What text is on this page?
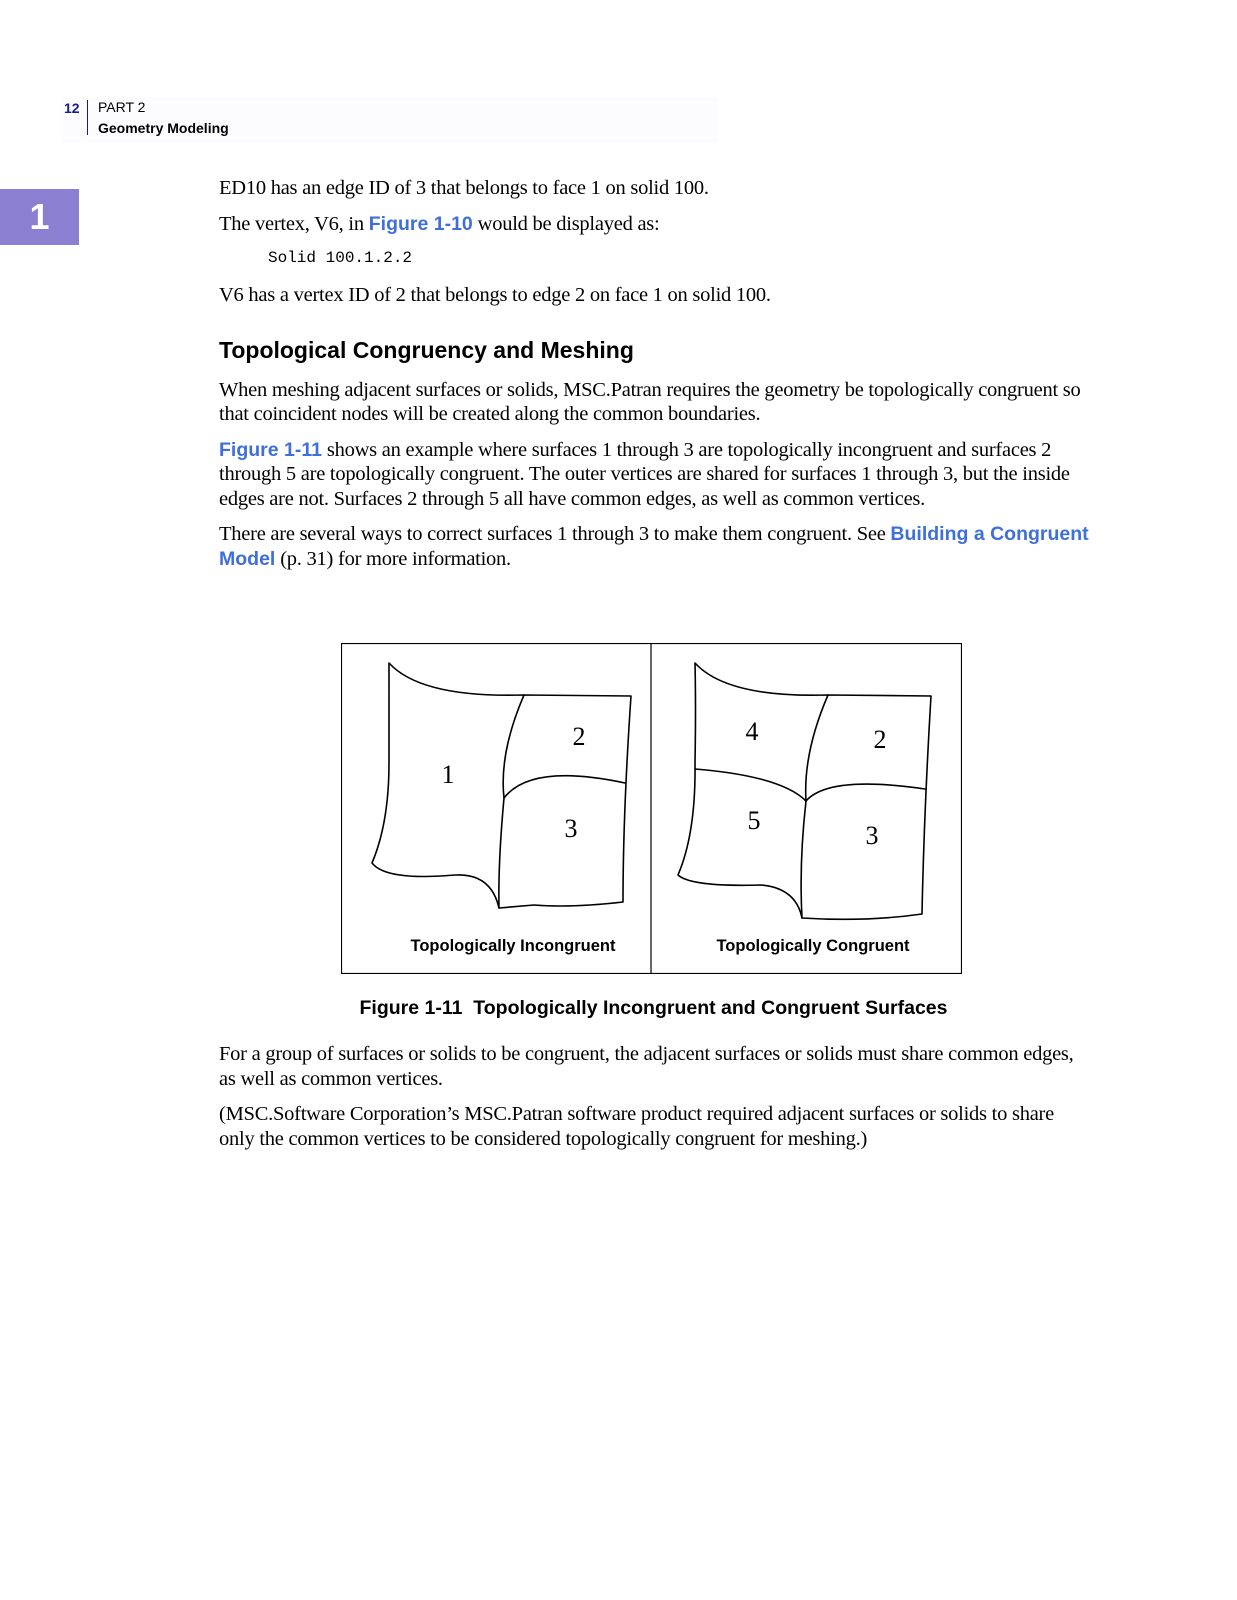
12 PART 2
Geometry Modeling
1

ED10 has an edge ID of 3 that belongs to face 1 on solid 100.

The vertex, V6, in Figure 1-10 would be displayed as:

Solid 100.1.2.2

V6 has a vertex ID of 2 that belongs to edge 2 on face 1 on solid 100.

Topological Congruency and Meshing

When meshing adjacent surfaces or solids, MSC.Patran requires the geometry be topologically congruent so that coincident nodes will be created along the common boundaries.

Figure 1-11 shows an example where surfaces 1 through 3 are topologically incongruent and surfaces 2 through 5 are topologically congruent. The outer vertices are shared for surfaces 1 through 3, but the inside edges are not. Surfaces 2 through 5 all have common edges, as well as common vertices.

There are several ways to correct surfaces 1 through 3 to make them congruent. See Building a Congruent Model (p. 31) for more information.

1
2
3
4	2
5
3
Topologically Incongruent	Topologically Congruent
Figure 1-11  Topologically Incongruent and Congruent Surfaces

For a group of surfaces or solids to be congruent, the adjacent surfaces or solids must share common edges, as well as common vertices.

(MSC.Software Corporation’s MSC.Patran software product required adjacent surfaces or solids to share only the common vertices to be considered topologically congruent for meshing.)
